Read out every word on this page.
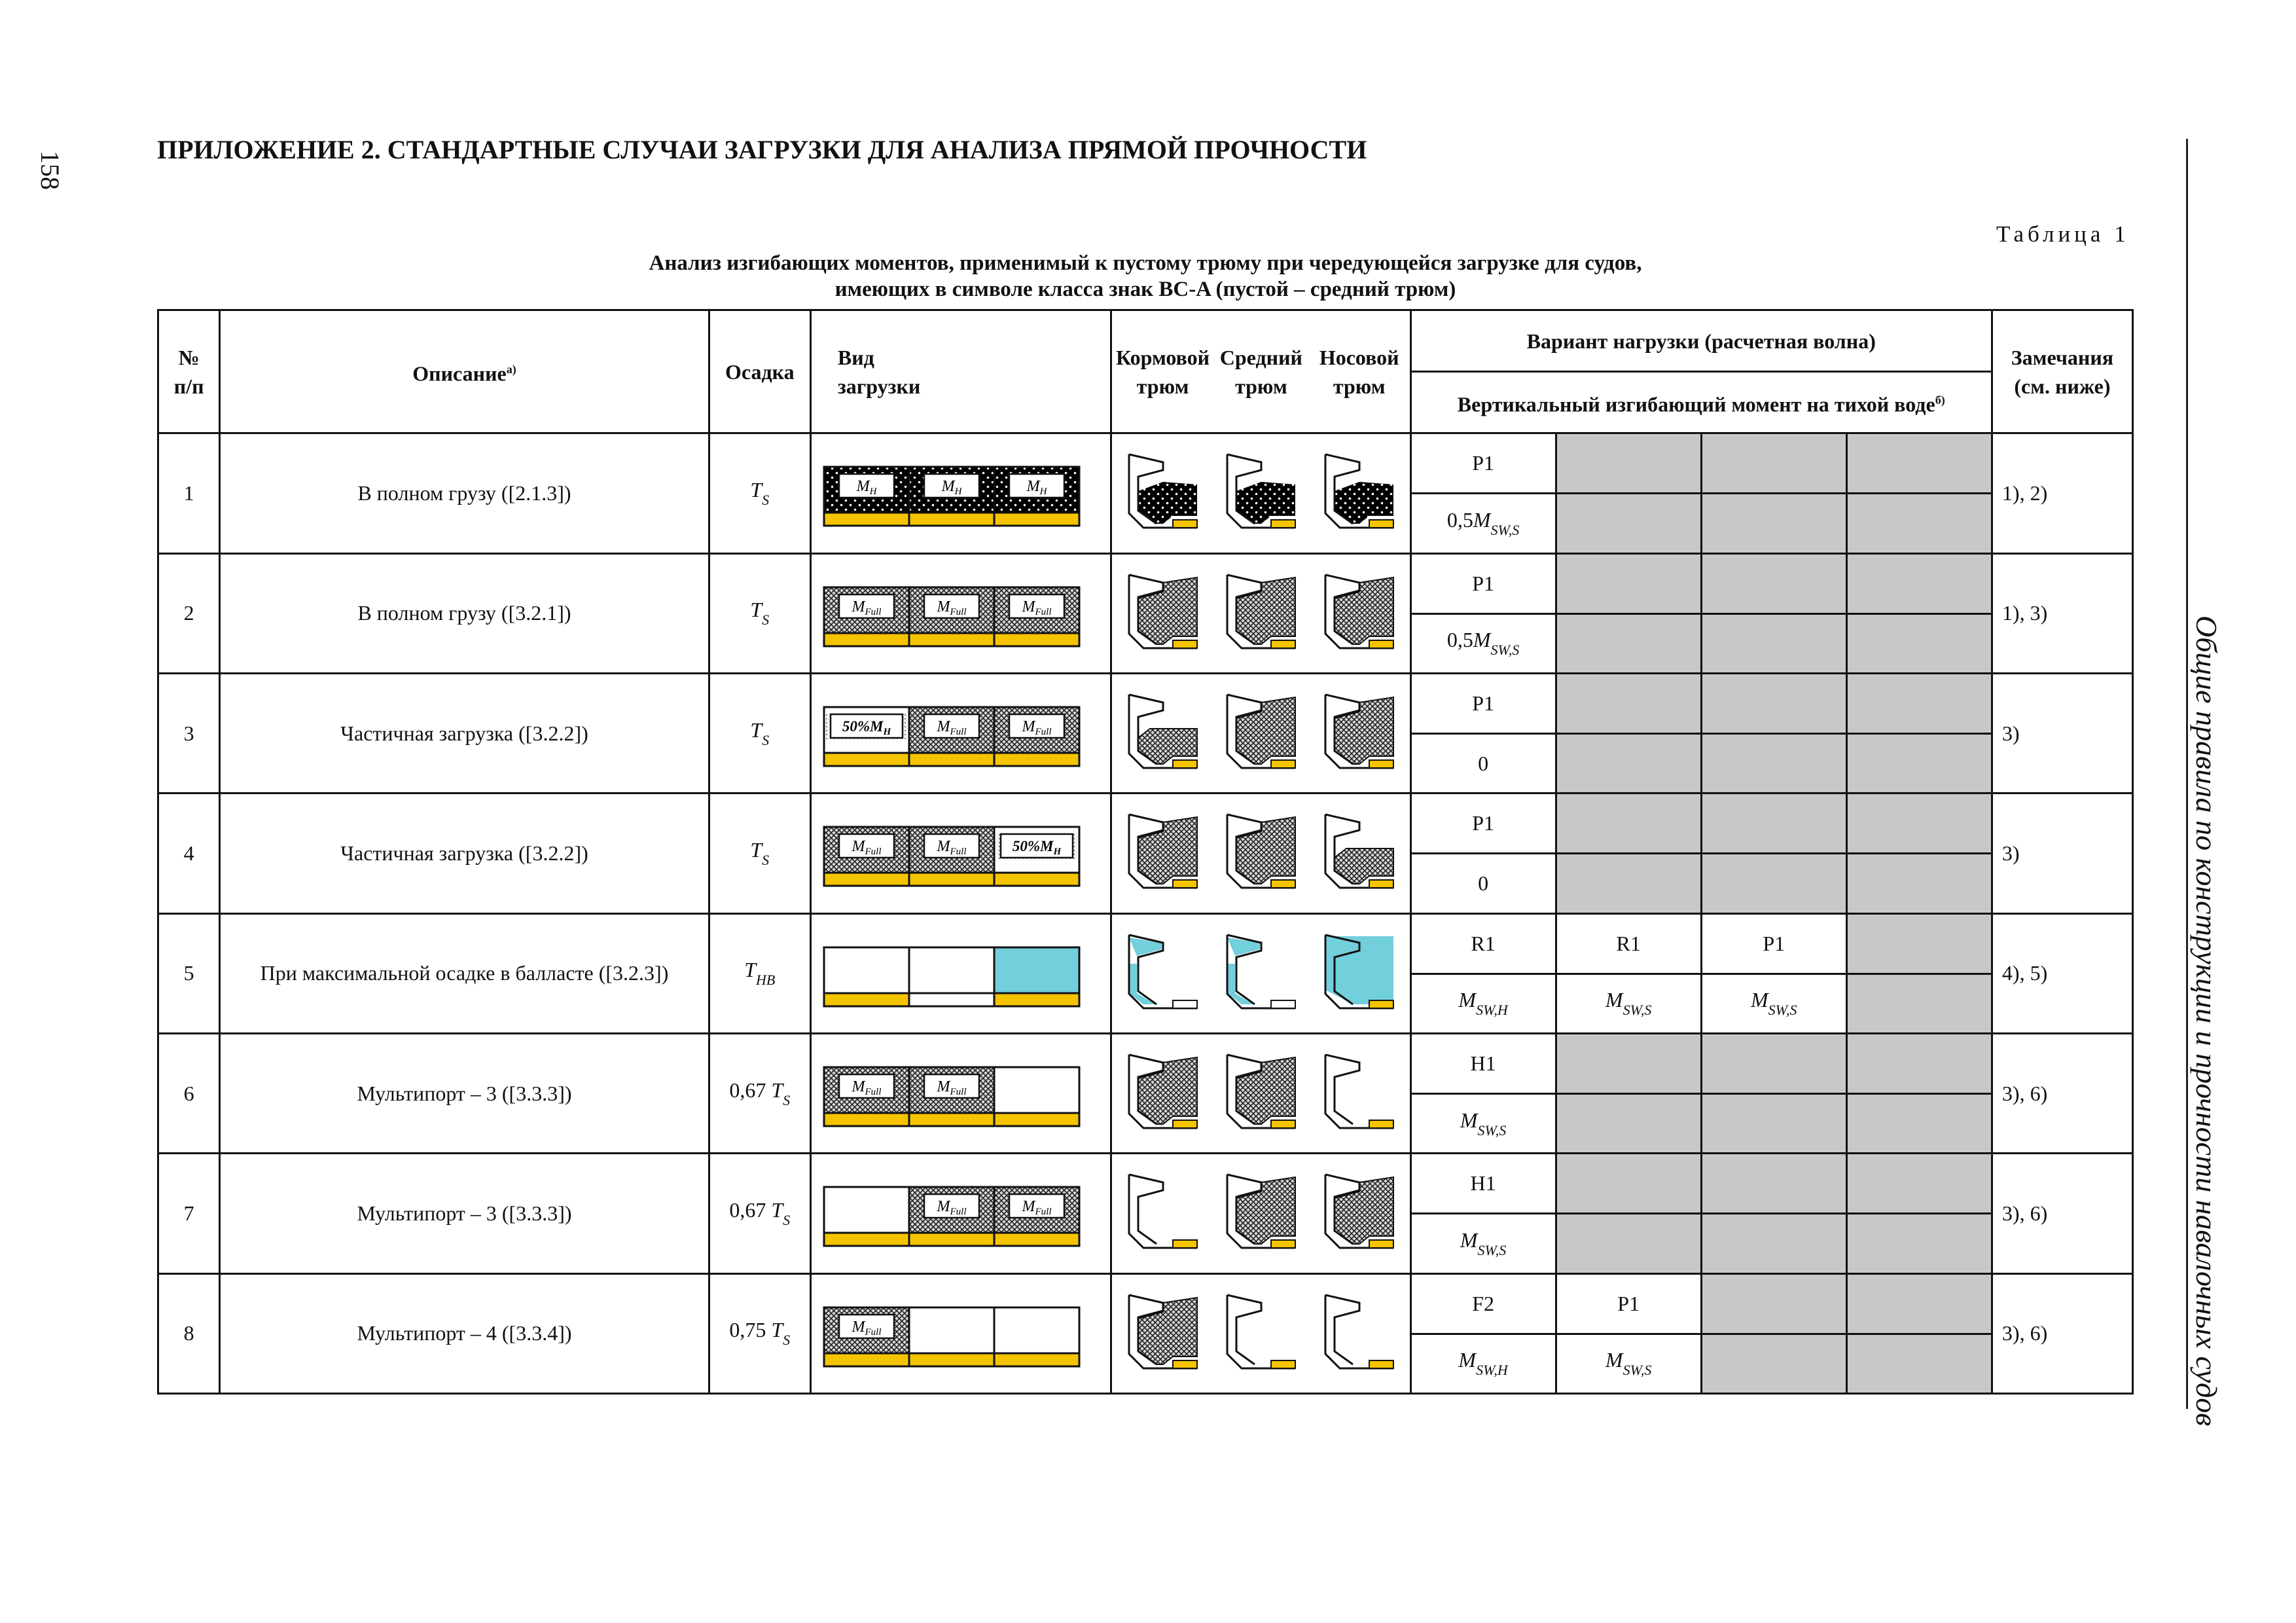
158
ПРИЛОЖЕНИЕ 2. СТАНДАРТНЫЕ СЛУЧАИ ЗАГРУЗКИ ДЛЯ АНАЛИЗА ПРЯМОЙ ПРОЧНОСТИ
Общие правила по конструкции и прочности навалочных судов
Таблица 1
Анализ изгибающих моментов, применимый к пустому трюму при чередующейся загрузке для судов,
имеющих в символе класса знак BC-A (пустой – средний трюм)
№
п/п	Описание$^{а)}$	Осадка	Вид
загрузки	Кормовой
трюм	Средний
трюм	Носовой
трюм	Вариант нагрузки (расчетная волна)				Замечания
(см. ниже)
							Вертикальный изгибающий момент на тихой воде$^{б)}$
1	В полном грузу ([2.1.3])	$T_S$	$M_H$ $M_H$ $M_H$				P1				1), 2)
							$0,5M_{SW,S}$			
2	В полном грузу ([3.2.1])	$T_S$	$M_{Full}$ $M_{Full}$ $M_{Full}$				P1				1), 3)
							$0,5M_{SW,S}$			
3	Частичная загрузка ([3.2.2])	$T_S$	$50\%M_H$ $M_{Full}$ $M_{Full}$				P1				3)
							0				
4	Частичная загрузка ([3.2.2])	$T_S$	$M_{Full}$ $M_{Full}$ $50\%M_H$				P1				3)
							0				
5	При максимальной осадке в балласте ([3.2.3])	$T_{HB}$					R1	R1	P1		4), 5)
							$M_{SW,H}$	$M_{SW,S}$	$M_{SW,S}$	
6	Мультипорт – 3 ([3.3.3])	0,67 $T_S$	$M_{Full}$ $M_{Full}$				H1				3), 6)
							$M_{SW,S}$			
7	Мультипорт – 3 ([3.3.3])	0,67 $T_S$	$M_{Full}$ $M_{Full}$				H1				3), 6)
							$M_{SW,S}$			
8	Мультипорт – 4 ([3.3.4])	0,75 $T_S$	$M_{Full}$				F2	P1			3), 6)
							$M_{SW,H}$	$M_{SW,S}$		
